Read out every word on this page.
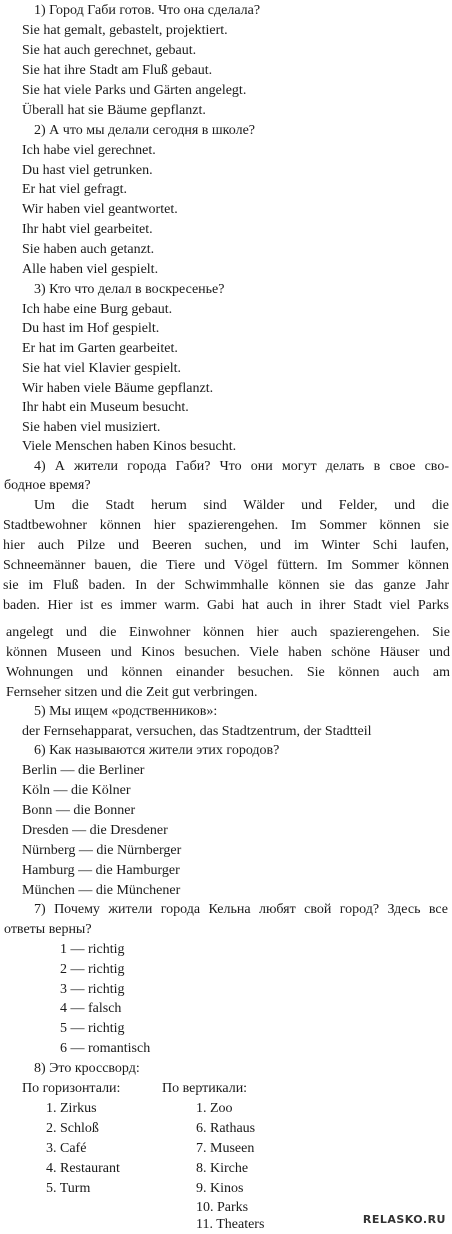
1) Город Габи готов. Что она сделала?
Sie hat gemalt, gebastelt, projektiert.
Sie hat auch gerechnet, gebaut.
Sie hat ihre Stadt am Fluß gebaut.
Sie hat viele Parks und Gärten angelegt.
Überall hat sie Bäume gepflanzt.
2) А что мы делали сегодня в школе?
Ich habe viel gerechnet.
Du hast viel getrunken.
Er hat viel gefragt.
Wir haben viel geantwortet.
Ihr habt viel gearbeitet.
Sie haben auch getanzt.
Alle haben viel gespielt.
3) Кто что делал в воскресенье?
Ich habe eine Burg gebaut.
Du hast im Hof gespielt.
Er hat im Garten gearbeitet.
Sie hat viel Klavier gespielt.
Wir haben viele Bäume gepflanzt.
Ihr habt ein Museum besucht.
Sie haben viel musiziert.
Viele Menschen haben Kinos besucht.
4) А жители города Габи? Что они могут делать в свое сво-
бодное время?
Um die Stadt herum sind Wälder und Felder, und die
Stadtbewohner können hier spazierengehen. Im Sommer können sie
hier auch Pilze und Beeren suchen, und im Winter Schi laufen,
Schneemänner bauen, die Tiere und Vögel füttern. Im Sommer können
sie im Fluß baden. In der Schwimmhalle können sie das ganze Jahr
baden. Hier ist es immer warm. Gabi hat auch in ihrer Stadt viel Parks
angelegt und die Einwohner können hier auch spazierengehen. Sie
können Museen und Kinos besuchen. Viele haben schöne Häuser und
Wohnungen und können einander besuchen. Sie können auch am
Fernseher sitzen und die Zeit gut verbringen.
5) Мы ищем «родственников»:
der Fernsehapparat, versuchen, das Stadtzentrum, der Stadtteil
6) Как называются жители этих городов?
Berlin — die Berliner
Köln — die Kölner
Bonn — die Bonner
Dresden — die Dresdener
Nürnberg — die Nürnberger
Hamburg — die Hamburger
München — die Münchener
7) Почему жители города Кельна любят свой город? Здесь все
ответы верны?
1 — richtig
2 — richtig
3 — richtig
4 — falsch
5 — richtig
6 — romantisch
8) Это кроссворд:
По горизонтали:	По вертикали:
1. Zirkus
2. Schloß
3. Café
4. Restaurant
5. Turm
1. Zoo
6. Rathaus
7. Museen
8. Kirche
9. Kinos
10. Parks
11. Theaters	RELASKO.RU
